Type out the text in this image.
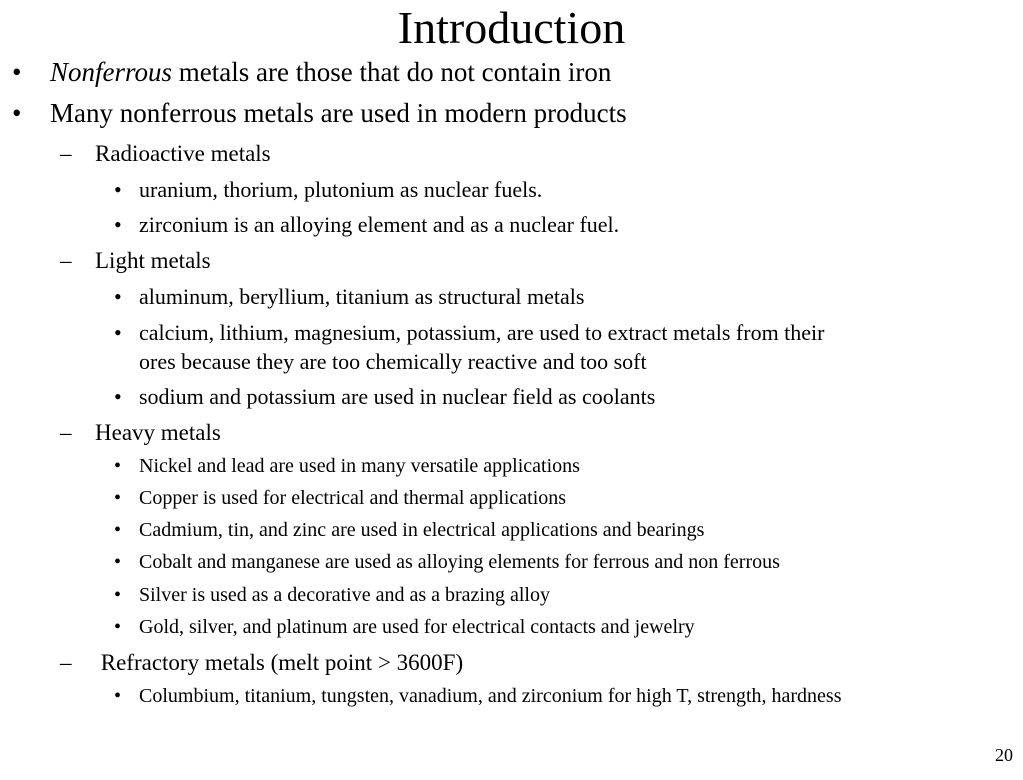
Introduction
• Nonferrous metals are those that do not contain iron
• Many nonferrous metals are used in modern products
– Radioactive metals
• uranium, thorium, plutonium as nuclear fuels.
• zirconium is an alloying element and as a nuclear fuel.
– Light metals
• aluminum, beryllium, titanium as structural metals
• calcium, lithium, magnesium, potassium, are used to extract metals from their
ores because they are too chemically reactive and too soft
• sodium and potassium are used in nuclear field as coolants
– Heavy metals
• Nickel and lead are used in many versatile applications
• Copper is used for electrical and thermal applications
• Cadmium, tin, and zinc are used in electrical applications and bearings
• Cobalt and manganese are used as alloying elements for ferrous and non ferrous
• Silver is used as a decorative and as a brazing alloy
• Gold, silver, and platinum are used for electrical contacts and jewelry
– Refractory metals (melt point > 3600F)
• Columbium, titanium, tungsten, vanadium, and zirconium for high T, strength, hardness
20
